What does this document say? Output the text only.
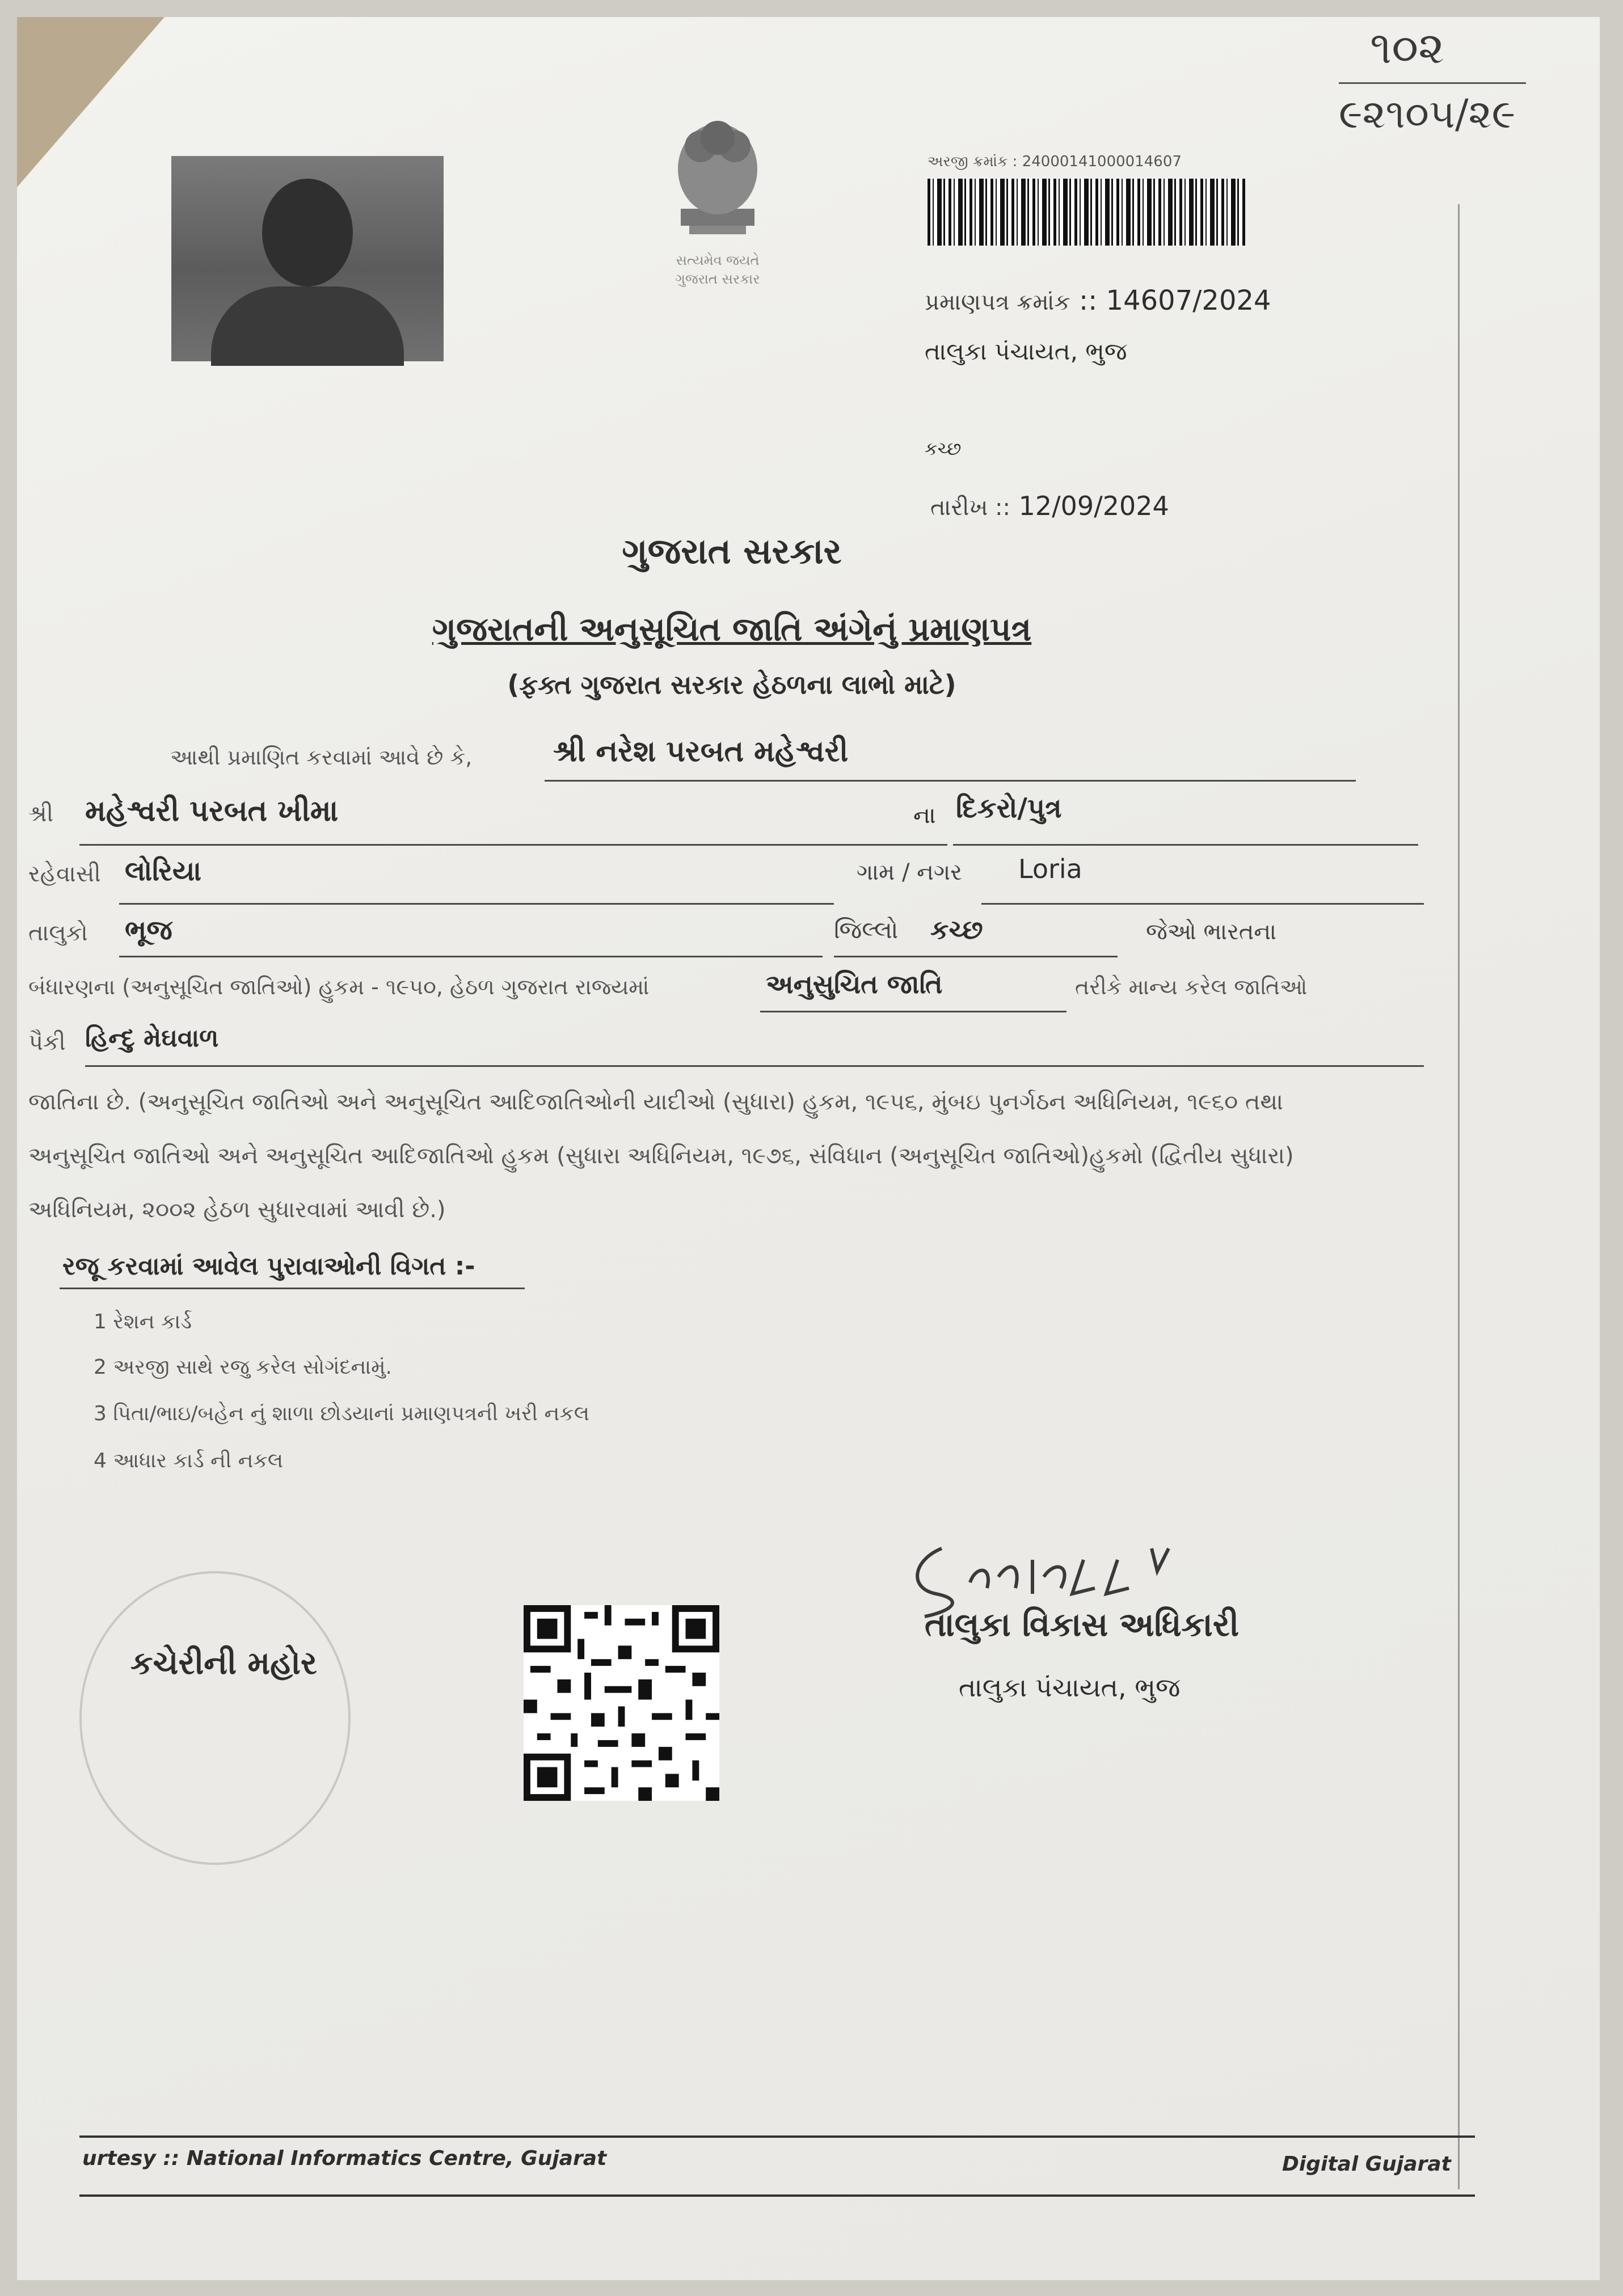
૧૦૨
૯૨૧૦૫/૨૯
સત્યમેવ જયતે
ગુજરાત સરકાર
અરજી ક્રમાંક : 24000141000014607
પ્રમાણપત્ર ક્રમાંક :: 14607/2024
તાલુકા પંચાયત, ભુજ
કચ્છ
તારીખ :: 12/09/2024
ગુજરાત સરકાર
ગુજરાતની અનુસૂચિત જાતિ અંગેનું પ્રમાણપત્ર
(ફક્ત ગુજરાત સરકાર હેઠળના લાભો માટે)
આથી પ્રમાણિત કરવામાં આવે છે કે,	શ્રી નરેશ પરબત મહેશ્વરી
શ્રી મહેશ્વરી પરબત ખીમા	ના દિકરો/પુત્ર
રહેવાસી લોરિયા	ગામ / નગર Loria
તાલુકો ભૂજ	જિલ્લો કચ્છ	જેઓ ભારતના
બંધારણના (અનુસૂચિત જાતિઓ) હુકમ - ૧૯૫૦, હેઠળ ગુજરાત રાજ્યમાં	અનુસુચિત જાતિ	તરીકે માન્ય કરેલ જાતિઓ
પૈકી હિન્દુ મેઘવાળ
જાતિના છે. (અનુસૂચિત જાતિઓ અને અનુસૂચિત આદિજાતિઓની યાદીઓ (સુધારા) હુકમ, ૧૯૫૬, મુંબઇ પુનર્ગઠન અધિનિયમ, ૧૯૬૦ તથા
અનુસૂચિત જાતિઓ અને અનુસૂચિત આદિજાતિઓ હુકમ (સુધારા અધિનિયમ, ૧૯૭૬, સંવિધાન (અનુસૂચિત જાતિઓ)હુકમો (દ્વિતીય સુધારા)
અધિનિયમ, ૨૦૦૨ હેઠળ સુધારવામાં આવી છે.)
રજૂ કરવામાં આવેલ પુરાવાઓની વિગત :-
1 રેશન કાર્ડ
2 અરજી સાથે રજુ કરેલ સોગંદનામું.
3 પિતા/ભાઇ/બહેન નું શાળા છોડયાનાં પ્રમાણપત્રની ખરી નકલ
4 આધાર કાર્ડ ની નકલ
કચેરીની મહોર
તાલુકા વિકાસ અધિકારી
તાલુકા પંચાયત, ભુજ
urtesy :: National Informatics Centre, Gujarat	Digital Gujarat
